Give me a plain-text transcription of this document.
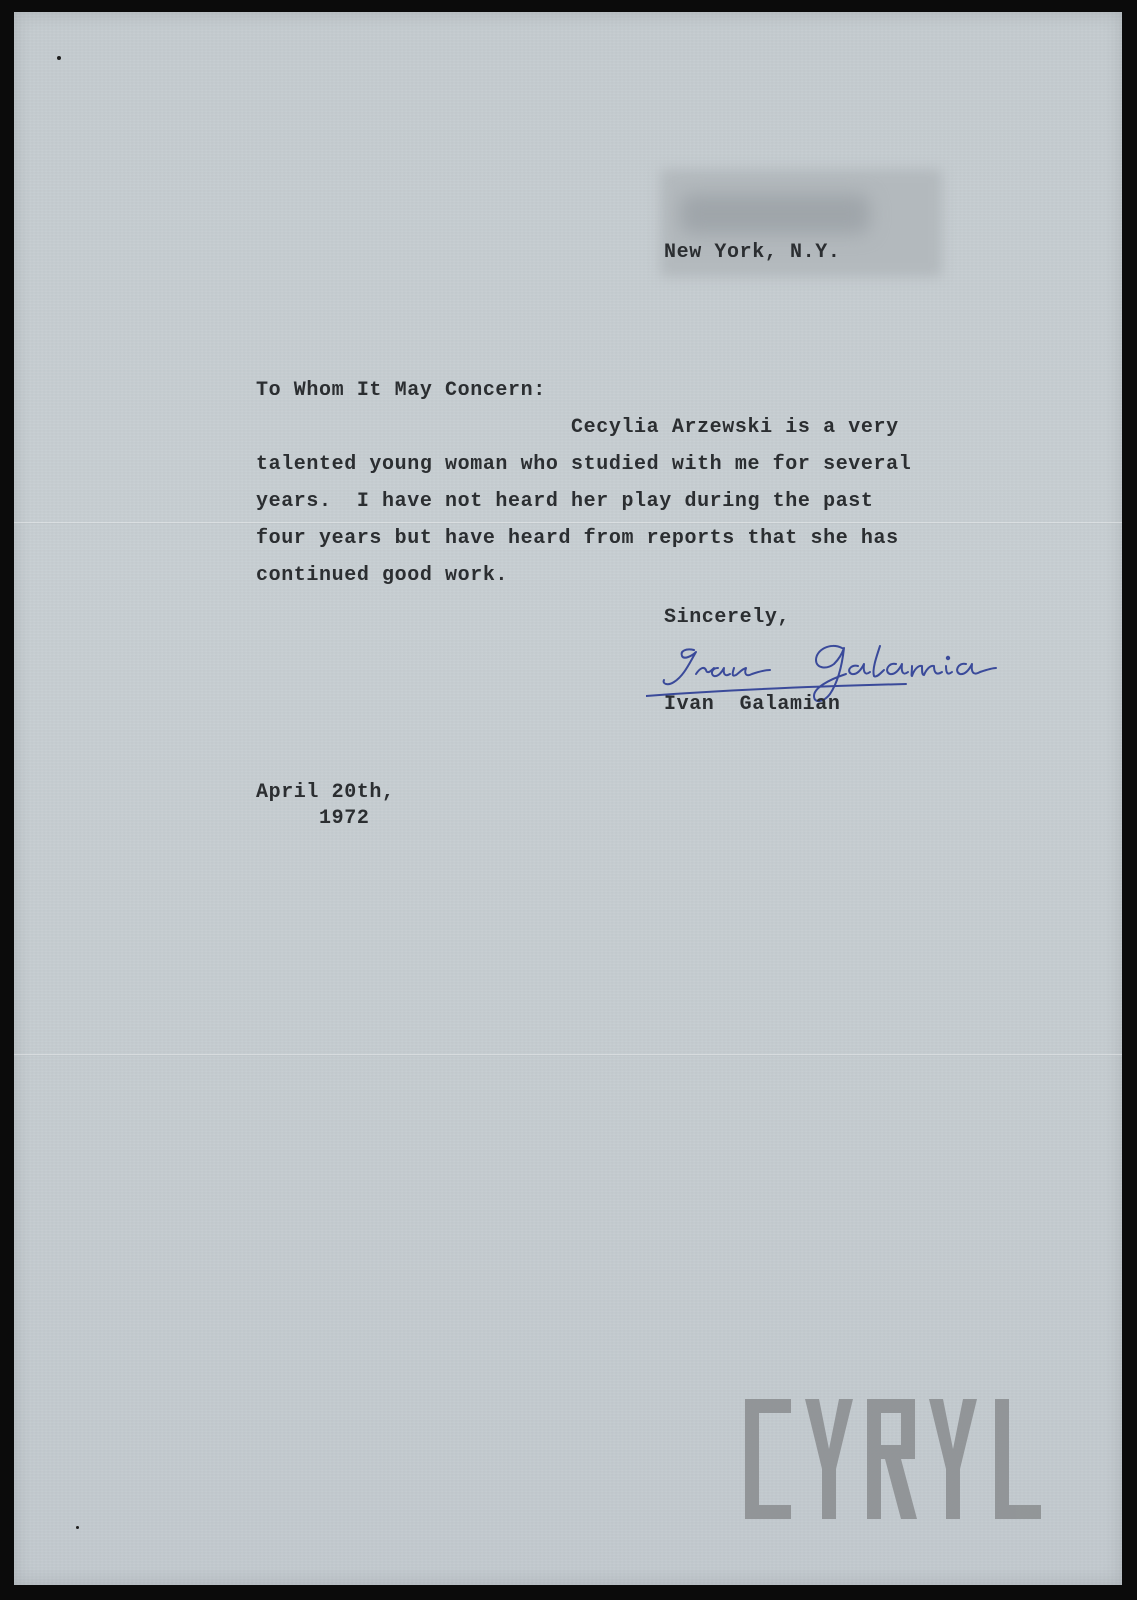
New York, N.Y.
To Whom It May Concern:
Cecylia Arzewski is a very
talented young woman who studied with me for several
years.  I have not heard her play during the past
four years but have heard from reports that she has
continued good work.
Sincerely,
Ivan  Galamian
April 20th,
1972
